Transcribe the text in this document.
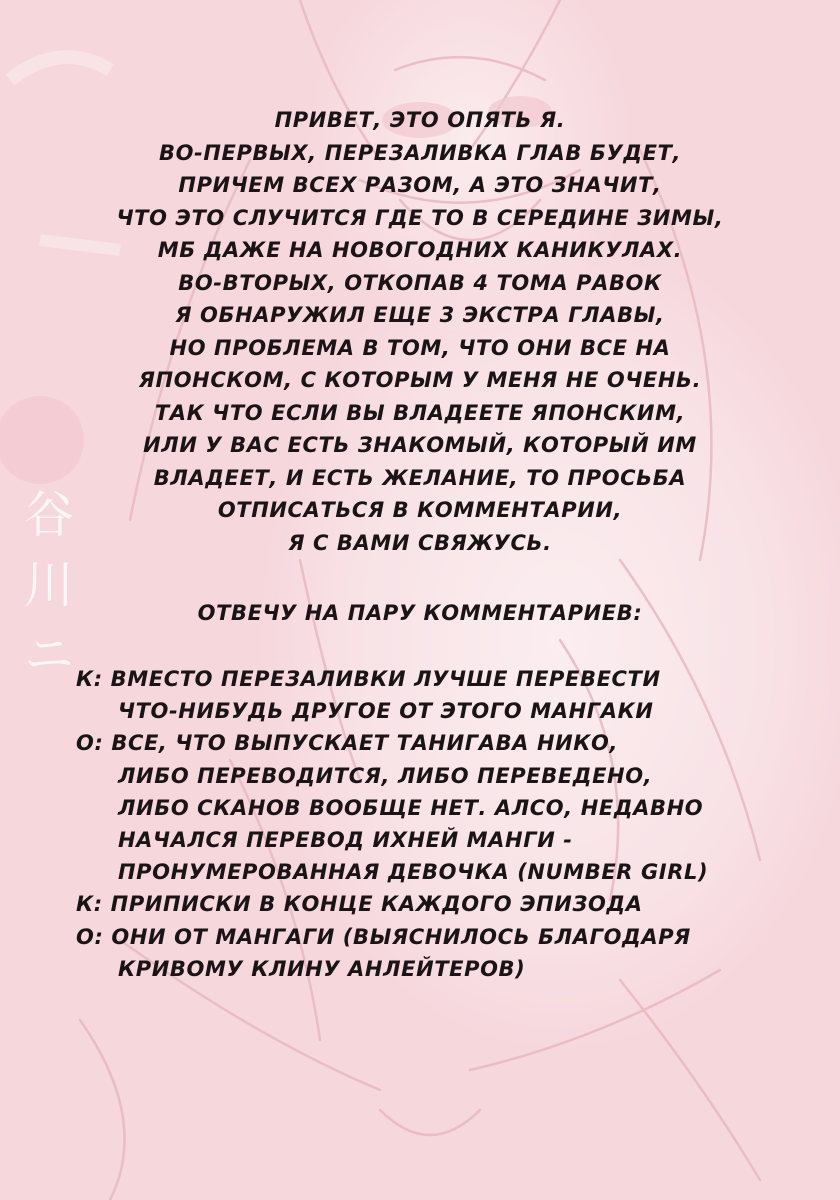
谷
川
ニ
ПРИВЕТ, ЭТО ОПЯТЬ Я.
ВО-ПЕРВЫХ, ПЕРЕЗАЛИВКА ГЛАВ БУДЕТ,
ПРИЧЕМ ВСЕХ РАЗОМ, А ЭТО ЗНАЧИТ,
ЧТО ЭТО СЛУЧИТСЯ ГДЕ ТО В СЕРЕДИНЕ ЗИМЫ,
МБ ДАЖЕ НА НОВОГОДНИХ КАНИКУЛАХ.
ВО-ВТОРЫХ, ОТКОПАВ 4 ТОМА РАВОК
Я ОБНАРУЖИЛ ЕЩЕ 3 ЭКСТРА ГЛАВЫ,
НО ПРОБЛЕМА В ТОМ, ЧТО ОНИ ВСЕ НА
ЯПОНСКОМ, С КОТОРЫМ У МЕНЯ НЕ ОЧЕНЬ.
ТАК ЧТО ЕСЛИ ВЫ ВЛАДЕЕТЕ ЯПОНСКИМ,
ИЛИ У ВАС ЕСТЬ ЗНАКОМЫЙ, КОТОРЫЙ ИМ
ВЛАДЕЕТ, И ЕСТЬ ЖЕЛАНИЕ, ТО ПРОСЬБА
ОТПИСАТЬСЯ В КОММЕНТАРИИ,
Я С ВАМИ СВЯЖУСЬ.
ОТВЕЧУ НА ПАРУ КОММЕНТАРИЕВ:
К: ВМЕСТО ПЕРЕЗАЛИВКИ ЛУЧШЕ ПЕРЕВЕСТИ
ЧТО-НИБУДЬ ДРУГОЕ ОТ ЭТОГО МАНГАКИ
О: ВСЕ, ЧТО ВЫПУСКАЕТ ТАНИГАВА НИКО,
ЛИБО ПЕРЕВОДИТСЯ, ЛИБО ПЕРЕВЕДЕНО,
ЛИБО СКАНОВ ВООБЩЕ НЕТ. АЛСО, НЕДАВНО
НАЧАЛСЯ ПЕРЕВОД ИХНЕЙ МАНГИ -
ПРОНУМЕРОВАННАЯ ДЕВОЧКА (NUMBER GIRL)
К: ПРИПИСКИ В КОНЦЕ КАЖДОГО ЭПИЗОДА
О: ОНИ ОТ МАНГАГИ (ВЫЯСНИЛОСЬ БЛАГОДАРЯ
КРИВОМУ КЛИНУ АНЛЕЙТЕРОВ)
